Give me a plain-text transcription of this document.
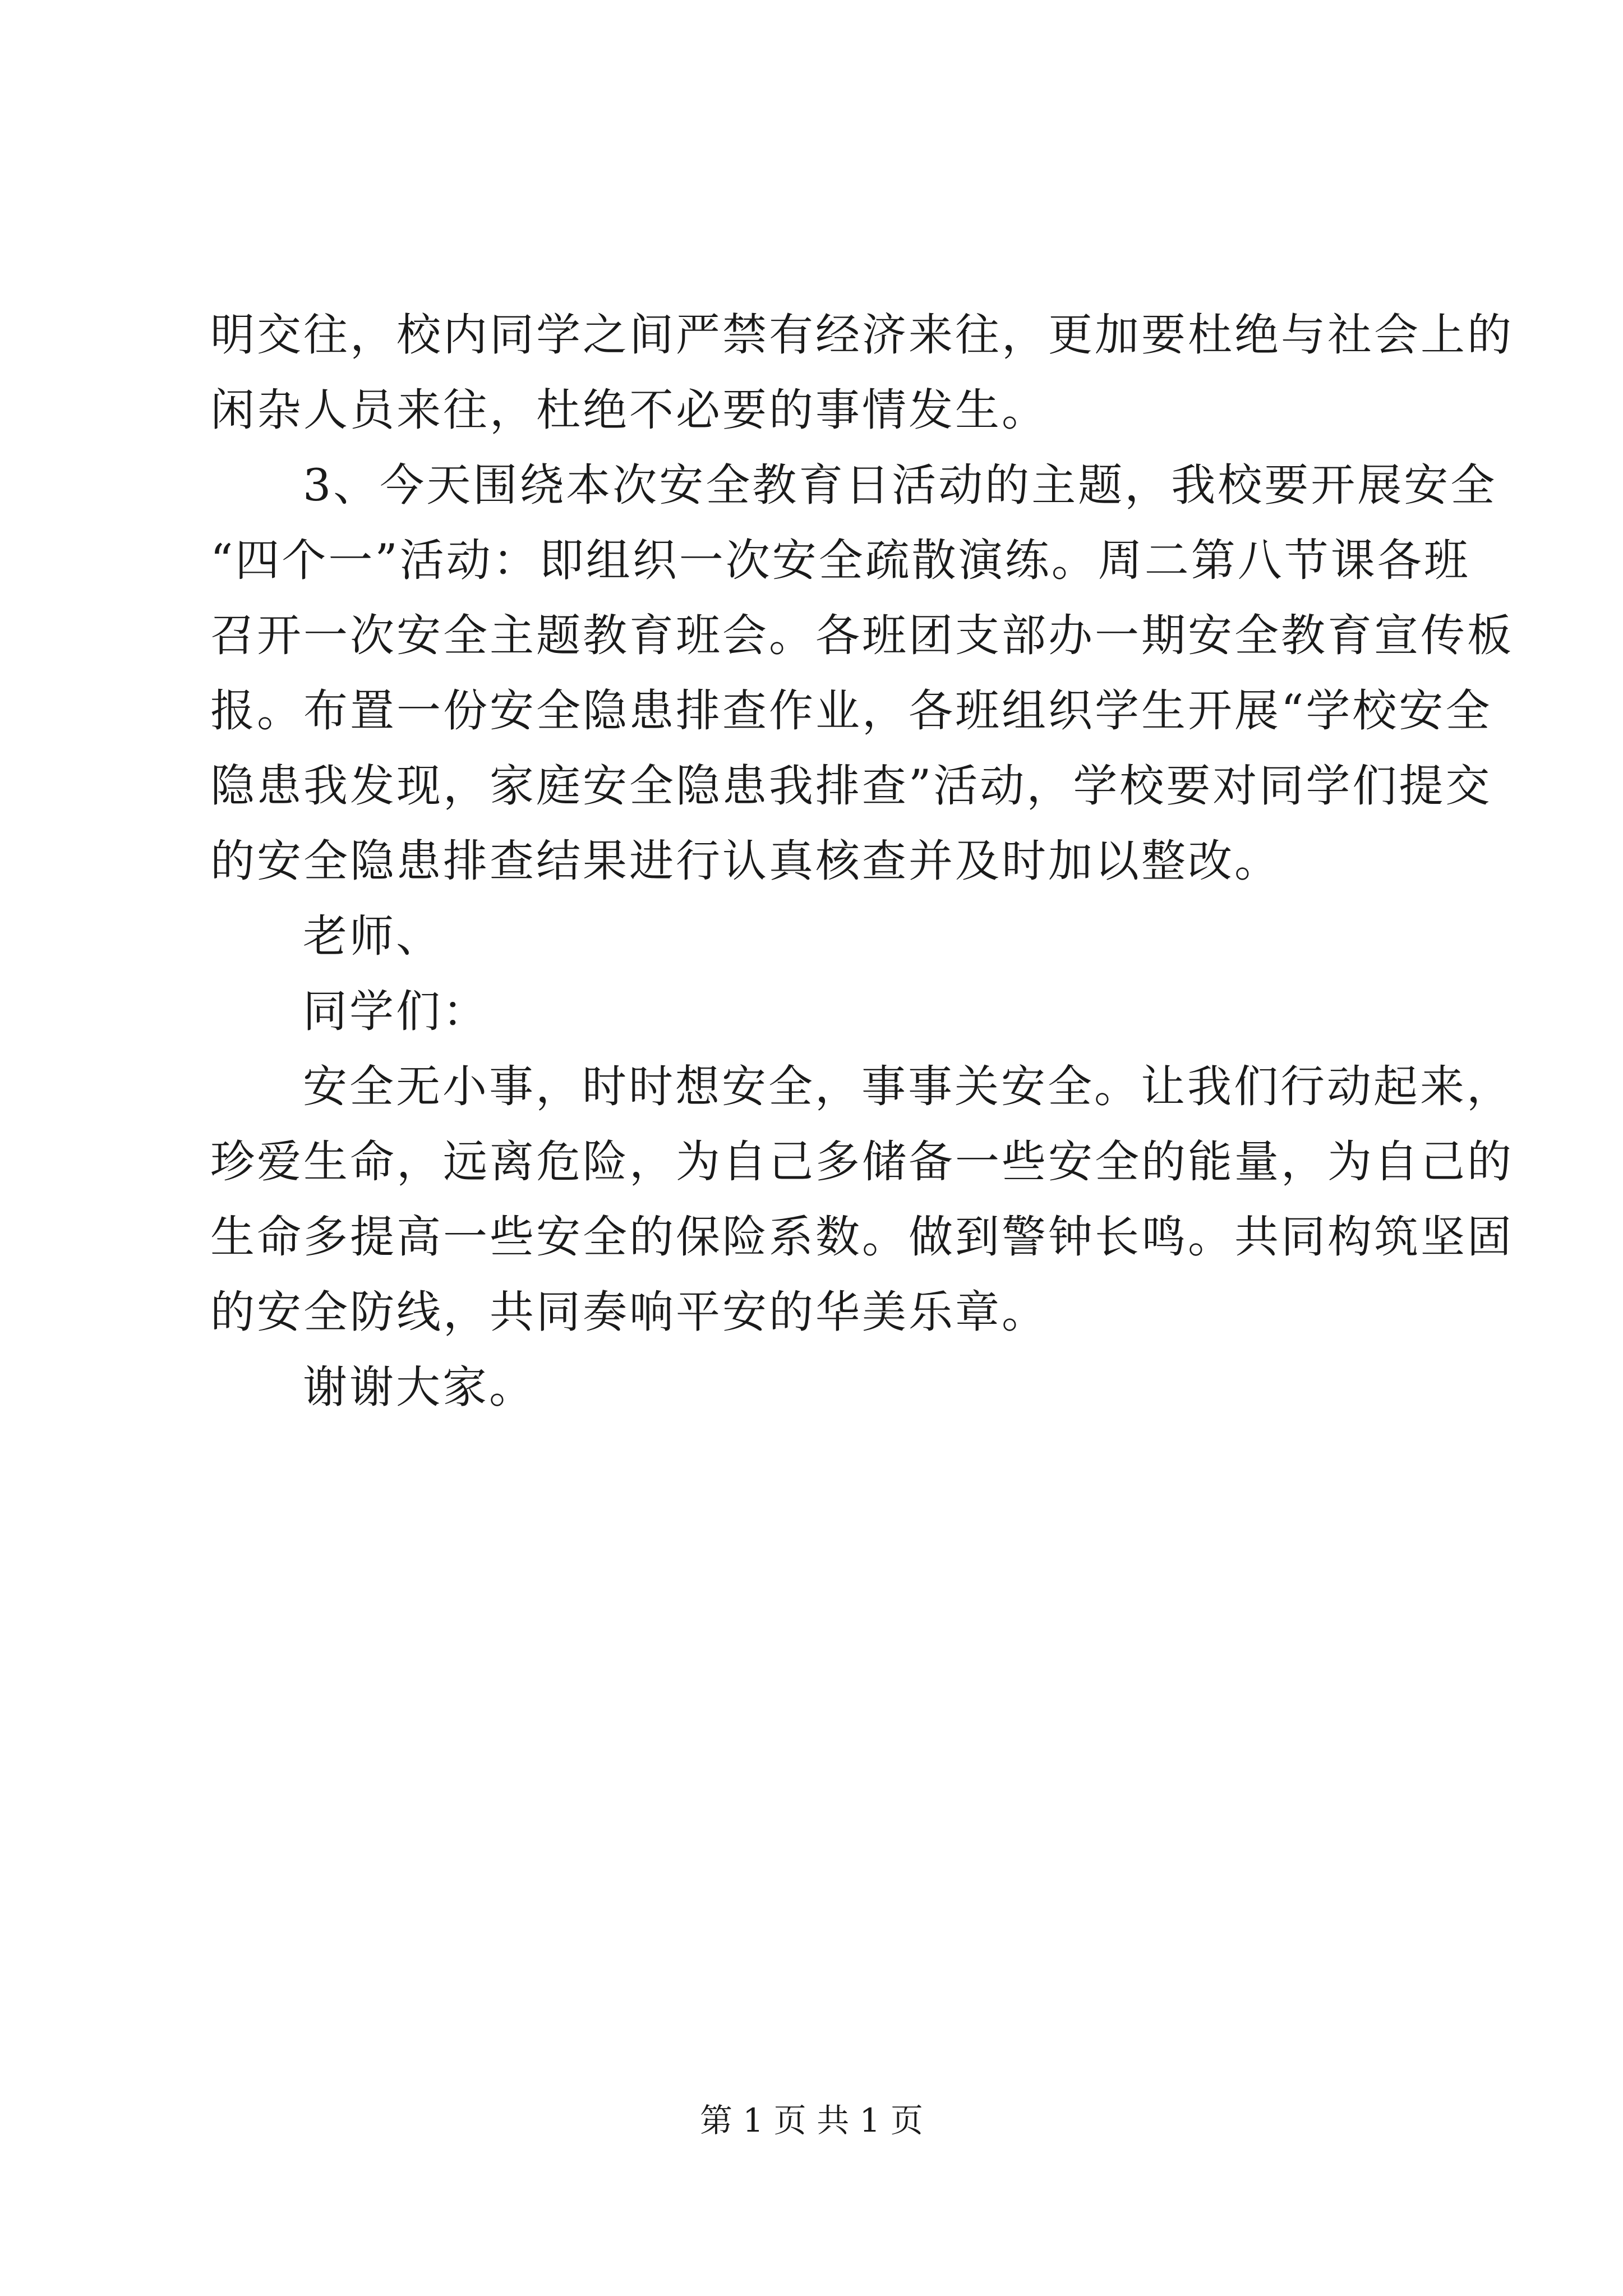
明交往，校内同学之间严禁有经济来往，更加要杜绝与社会上的
闲杂人员来往，杜绝不必要的事情发生。
3、今天围绕本次安全教育日活动的主题，我校要开展安全
“四个一”活动：即组织一次安全疏散演练。周二第八节课各班
召开一次安全主题教育班会。各班团支部办一期安全教育宣传板
报。布置一份安全隐患排查作业，各班组织学生开展“学校安全
隐患我发现，家庭安全隐患我排查”活动，学校要对同学们提交
的安全隐患排查结果进行认真核查并及时加以整改。
老师、
同学们：
安全无小事，时时想安全，事事关安全。让我们行动起来，
珍爱生命，远离危险，为自己多储备一些安全的能量，为自己的
生命多提高一些安全的保险系数。做到警钟长鸣。共同构筑坚固
的安全防线，共同奏响平安的华美乐章。
谢谢大家。
第 1 页 共 1 页
